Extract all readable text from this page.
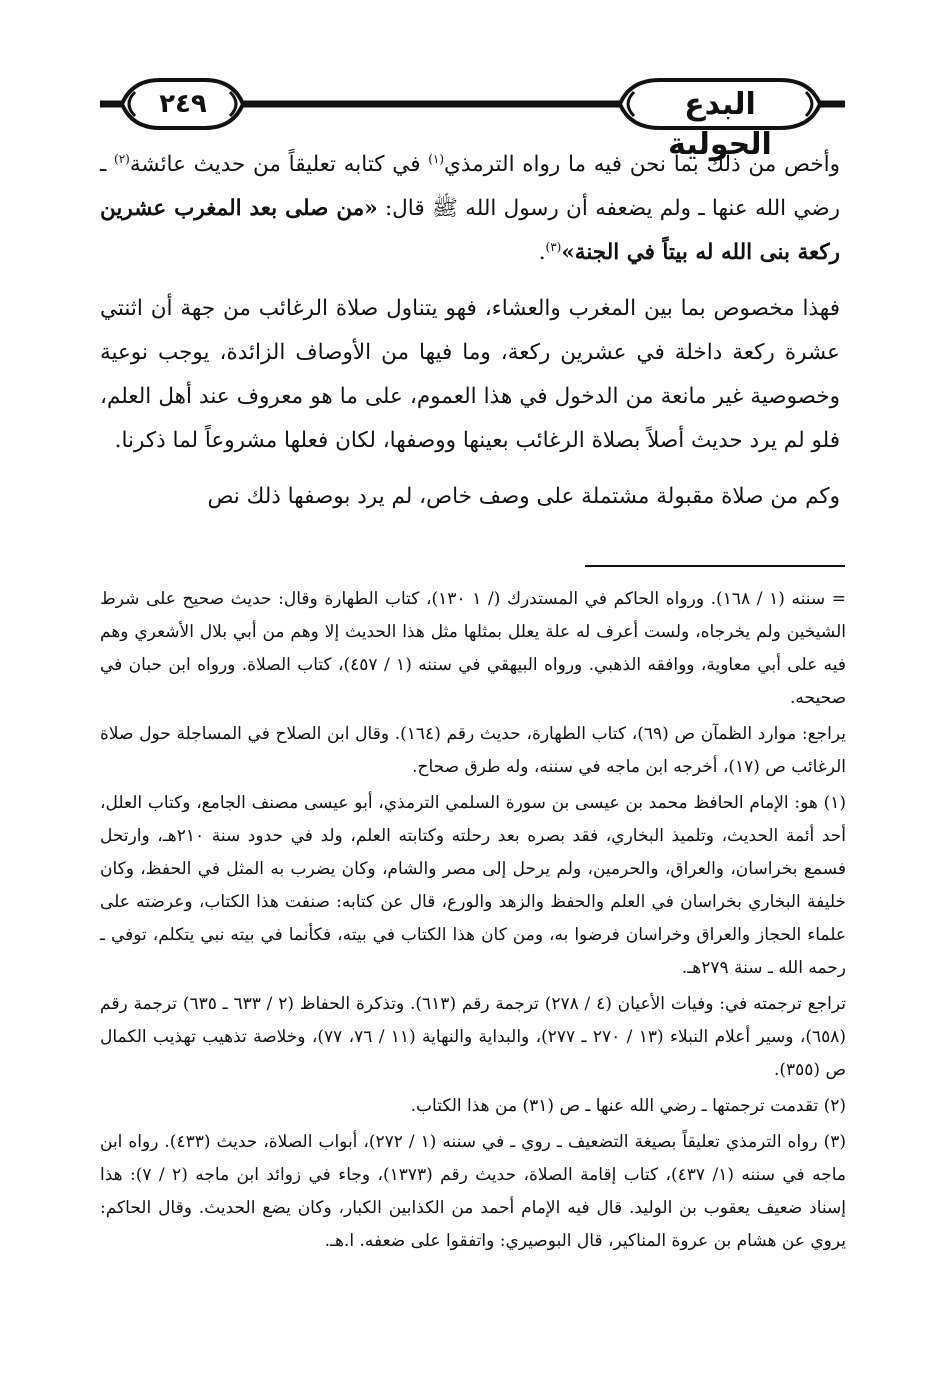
البدع الحولية
٢٤٩

وأخص من ذلك بما نحن فيه ما رواه الترمذي$^{(١)}$ في كتابه تعليقاً من حديث عائشة$^{(٢)}$ ـ رضي الله عنها ـ ولم يضعفه أن رسول الله ﷺ قال: «من صلى بعد المغرب عشرين ركعة بنى الله له بيتاً في الجنة»$^{(٣)}$.

فهذا مخصوص بما بين المغرب والعشاء، فهو يتناول صلاة الرغائب من جهة أن اثنتي عشرة ركعة داخلة في عشرين ركعة، وما فيها من الأوصاف الزائدة، يوجب نوعية وخصوصية غير مانعة من الدخول في هذا العموم، على ما هو معروف عند أهل العلم، فلو لم يرد حديث أصلاً بصلاة الرغائب بعينها ووصفها، لكان فعلها مشروعاً لما ذكرنا.

وكم من صلاة مقبولة مشتملة على وصف خاص، لم يرد بوصفها ذلك نص

= سننه (١ / ١٦٨). ورواه الحاكم في المستدرك (/ ١ ١٣٠)، كتاب الطهارة وقال: حديث صحيح على شرط الشيخين ولم يخرجاه، ولست أعرف له علة يعلل بمثلها مثل هذا الحديث إلا وهم من أبي بلال الأشعري وهم فيه على أبي معاوية، ووافقه الذهبي. ورواه البيهقي في سننه (١ / ٤٥٧)، كتاب الصلاة. ورواه ابن حبان في صحيحه.

يراجع: موارد الظمآن ص (٦٩)، كتاب الطهارة، حديث رقم (١٦٤). وقال ابن الصلاح في المساجلة حول صلاة الرغائب ص (١٧)، أخرجه ابن ماجه في سننه، وله طرق صحاح.

(١) هو: الإمام الحافظ محمد بن عيسى بن سورة السلمي الترمذي، أبو عيسى مصنف الجامع، وكتاب العلل، أحد أئمة الحديث، وتلميذ البخاري، فقد بصره بعد رحلته وكتابته العلم، ولد في حدود سنة ٢١٠هـ، وارتحل فسمع بخراسان، والعراق، والحرمين، ولم يرحل إلى مصر والشام، وكان يضرب به المثل في الحفظ، وكان خليفة البخاري بخراسان في العلم والحفظ والزهد والورع، قال عن كتابه: صنفت هذا الكتاب، وعرضته على علماء الحجاز والعراق وخراسان فرضوا به، ومن كان هذا الكتاب في بيته، فكأنما في بيته نبي يتكلم، توفي ـ رحمه الله ـ سنة ٢٧٩هـ.

تراجع ترجمته في: وفيات الأعيان (٤ / ٢٧٨) ترجمة رقم (٦١٣). وتذكرة الحفاظ (٢ / ٦٣٣ ـ ٦٣٥) ترجمة رقم (٦٥٨)، وسير أعلام النبلاء (١٣ / ٢٧٠ ـ ٢٧٧)، والبداية والنهاية (١١ / ٧٦، ٧٧)، وخلاصة تذهيب تهذيب الكمال ص (٣٥٥).

(٢) تقدمت ترجمتها ـ رضي الله عنها ـ ص (٣١) من هذا الكتاب.

(٣) رواه الترمذي تعليقاً بصيغة التضعيف ـ روي ـ في سننه (١ / ٢٧٢)، أبواب الصلاة، حديث (٤٣٣). رواه ابن ماجه في سننه (١/ ٤٣٧)، كتاب إقامة الصلاة، حديث رقم (١٣٧٣)، وجاء في زوائد ابن ماجه (٢ / ٧): هذا إسناد ضعيف يعقوب بن الوليد. قال فيه الإمام أحمد من الكذابين الكبار، وكان يضع الحديث. وقال الحاكم: يروي عن هشام بن عروة المناكير، قال البوصيري: واتفقوا على ضعفه. ا.هـ.
